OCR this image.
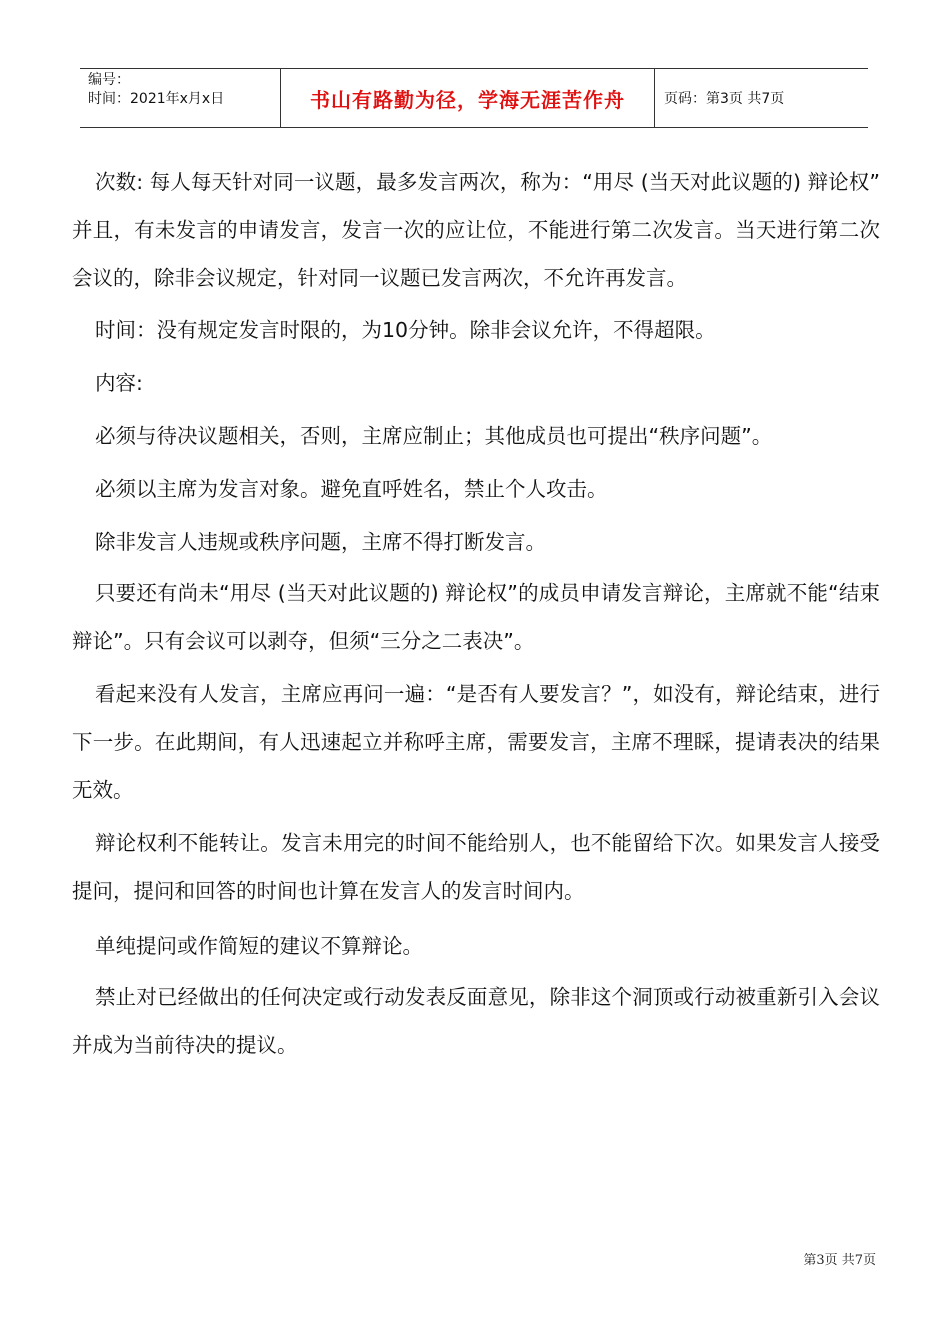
编号：
时间：2021年x月x日	书山有路勤为径，学海无涯苦作舟	页码：第3页 共7页

次数: 每人每天针对同一议题，最多发言两次，称为：“用尽 (当天对此议题的) 辩论权” 并且，有未发言的申请发言，发言一次的应让位，不能进行第二次发言。当天进行第二次会议的，除非会议规定，针对同一议题已发言两次，不允许再发言。

时间：没有规定发言时限的，为10分钟。除非会议允许，不得超限。

内容:

必须与待决议题相关，否则，主席应制止；其他成员也可提出“秩序问题”。

必须以主席为发言对象。避免直呼姓名，禁止个人攻击。

除非发言人违规或秩序问题，主席不得打断发言。

只要还有尚未“用尽 (当天对此议题的) 辩论权”的成员申请发言辩论，主席就不能“结束辩论”。只有会议可以剥夺，但须“三分之二表决”。

看起来没有人发言，主席应再问一遍：“是否有人要发言？”，如没有，辩论结束，进行下一步。在此期间，有人迅速起立并称呼主席，需要发言，主席不理睬，提请表决的结果无效。

辩论权利不能转让。发言未用完的时间不能给别人，也不能留给下次。如果发言人接受提问，提问和回答的时间也计算在发言人的发言时间内。

单纯提问或作简短的建议不算辩论。

禁止对已经做出的任何决定或行动发表反面意见，除非这个洞顶或行动被重新引入会议并成为当前待决的提议。

第3页 共7页
